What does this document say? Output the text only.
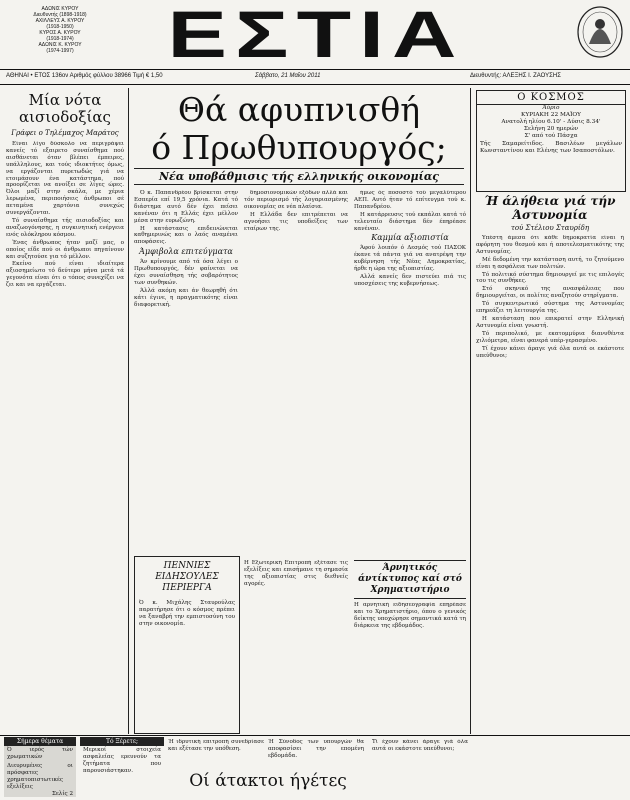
ΑΔΩΝΙΣ ΚΥΡΟΥ
Διευθυντής (1898-1918)
ΑΧΙΛΛΕΥΣ Α. ΚΥΡΟΥ
(1918-1950)
ΚΥΡΟΣ Α. ΚΥΡΟΥ
(1918-1974)
ΑΔΩΝΙΣ Κ. ΚΥΡΟΥ
(1974-1997)	ΕΣΤΙΑ
ΑΘΗΝΑΙ • ΕΤΟΣ 136ον Αριθμός φύλλου 38966 Τιμή € 1,50	Σάββατο, 21 Μαΐου 2011	Διευθυντής: ΑΛΕΞΗΣ Ι. ΖΑΟΥΣΗΣ
Μία νότα αισιοδοξίας
Γράφει ο Τηλέμαχος Μαράτος

Είναι λίγο δύσκολο να περιγράψει κανείς τό εξαιρετο συναίσθημα πού αισθάνεται όταν βλέπει έμπειρες, υπάλληλους, και τούς ιδιοκτήτες όμως, να εργάζονται πυρετωδώς γιά να ετοιμάσουν ένα κατάστημα, πού προορίζεται να ανοίξει σε λίγες ώρες. Όλοι μαζί στην σκάλα, με χέρια λερωμένα, περιποιήσεις άνθρωποι σέ πεταμένα χαρτόνια συνεχώς συνεργάζονται.

Τό συναίσθημα τής αισιοδοξίας και αναζωογόνησης, η συγκινητική ενέργεια ενός ολόκληρου κόσμου.

Ένας άνθρωπος ήταν μαζί μας, ο οποίος είδε πού οι άνθρωποι πηγαίνουν και συζητούσε για τό μέλλον.

Εκείνο πού είναι ιδιαίτερα αξιοσημείωτο τό δεύτερο μήνα μετά τά γεγονότα είναι ότι ο τόπος συνεχίζει να ζει και να εργάζεται.

Θά αφυπνισθή
ό Πρωθυπουργός;
Νέα υποβάθμισις τής ελληνικής οικονομίας

Ό κ. Παπανδρέου βρίσκεται στην Εσπερία επί 19,5 χρόνια. Κατά τό διάστημα αυτό δέν έχει πείσει κανέναν ότι η Ελλάς έχει μέλλον μέσα στην ευρωζώνη.

Η κατάστασις επιδεινώνεται καθημερινώς και ο λαός αναμένει αποφάσεις.

Άμφιβολα επιτεύγματα

Άν κρίνουμε από τά όσα λέγει ο Πρωθυπουργός, δέν φαίνεται να έχει συναίσθηση τής σοβαρότητος των συνθηκών.

Άλλά ακόμη και άν θεωρηθή ότι κάτι έγινε, η πραγματικότης είναι διαφορετική.

δημοσιονομικών εξόδων αλλά και τόν περιορισμό τής λογαριασμένης οικονομίας σε νέα πλαίσια.

Η Ελλάδα δεν επιτρέπεται να αγνοήσει τις υποδείξεις των εταίρων της.

ήμως ός ποσοστό τού μεγαλύτερου ΑΕΠ. Αυτό ήταν τό επίτευγμα τού κ. Παπανδρέου.

Η κατάρρευσις τού εκπάλαι κατά τό τελευταίο διάστημα δέν έπηρέασε κανέναν.

Καμμία αξιοπιστία

Άφού λοιπόν ό Δεσμός τού ΠΑΣΟΚ έκανε τά πάντα γιά να ανατρέψη την κυβέρνηση τής Νέας Δημοκρατίας, ήρθε η ώρα της αξιοπιστίας.

Αλλά κανείς δεν πιστεύει πιά τις υποσχέσεις της κυβερνήσεως.

ΠΕΝΝΙΕΣ ΕΙΔΗΣΟΥΛΕΣ ΠΕΡΙΕΡΓΑ
Ό κ. Μιχάλης Σταυρούλας παρατήρησε ότι ο κόσμος πρέπει να ξαναβρή την εμπιστοσύνη του στην οικονομία.
Η Εξωτερική Επιτροπή εξέτασε τις εξελίξεις και επισήμανε τη σημασία της αξιοπιστίας στις διεθνείς αγορές.
Άρνητικός άντίκτυπος καί στό Χρηματιστήριο
Η αρνητική ειδησεογραφία επηρέασε και το Χρηματιστήριο, όπου ο γενικός δείκτης υποχώρησε σημαντικά κατά τη διάρκεια της εβδομάδος.
Ο ΚΟΣΜΟΣ
Άύριο
ΚΥΡΙΑΚΗ 22 ΜΑΪΟΥ
Ανατολή ηλίου 6.10' - Δύσις 8.34'
Σελήνη 20 ημερών
Σ' από τού Πάσχα
Τής Σαμαρείτιδος. Βασιλέων μεγάλων Κωνσταντίνου και Ελένης των Ισαποστόλων.
Ή άλήθεια γιά τήν Άστυνομία
τού Στέλιου Σταυρίδη

Υπέστη άμεσα ότι κάθε δημοκρατία είναι ή αφόρητη του θεσμού και ή αποτελεσματικότης της Αστυνομίας.

Μέ δεδομένη την κατάσταση αυτή, το ζητούμενο είναι η ασφάλεια των πολιτών.

Τό πολιτικό σύστημα δημιουργεί με τις επιλογές του τις συνθήκες.

Στό σκηνικό της ανασφάλειας που δημιουργείται, οι πολίτες αναζητούν στηρίγματα.

Τό συγκεντρωτικό σύστημα της Αστυνομίας επηρεάζει τη λειτουργία της.

Η κατάσταση που επικρατεί στην Ελληνική Αστυνομία είναι γνωστή.

Τό περιπολικό, με εκατομμύρια διανυθέντα χιλιόμετρα, είναι φανερά υπέρ-γερασμένο.

Τί έχουν κάνει άραγε γιά όλα αυτά οι εκάστοτε υπεύθυνοι;

Σήμερα θέματα
Ό ιερός τών χρωματικών
Διευρυμένες οι πρόσφατες χρηματοπιστωτικές εξελίξεις
Σελίς 2
Τό Ξέρετε;
Μερικοί στοιχεία ασφαλείας ερευνούν τα ζητήματα που παρουσιάστηκαν.
Ή ιδρυτική επιτροπή συνεδρίασε και εξέτασε την υπόθεση.
Ή Σύνοδος των υπουργών θα αποφασίσει την επομένη εβδομάδα.
Οί άτακτοι ήγέτες
Τί έχουν κάνει άραγε γιά όλα αυτά οι εκάστοτε υπεύθυνοι;
